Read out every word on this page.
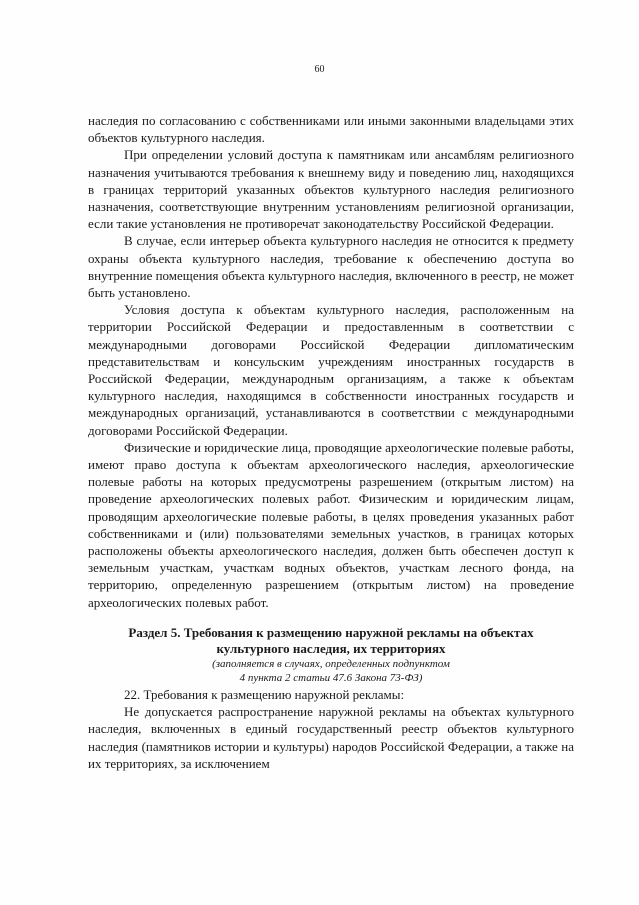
60

наследия по согласованию с собственниками или иными законными владельцами этих объектов культурного наследия.

При определении условий доступа к памятникам или ансамблям религиозного назначения учитываются требования к внешнему виду и поведению лиц, находящихся в границах территорий указанных объектов культурного наследия религиозного назначения, соответствующие внутренним установлениям религиозной организации, если такие установления не противоречат законодательству Российской Федерации.

В случае, если интерьер объекта культурного наследия не относится к предмету охраны объекта культурного наследия, требование к обеспечению доступа во внутренние помещения объекта культурного наследия, включенного в реестр, не может быть установлено.

Условия доступа к объектам культурного наследия, расположенным на территории Российской Федерации и предоставленным в соответствии с международными договорами Российской Федерации дипломатическим представительствам и консульским учреждениям иностранных государств в Российской Федерации, международным организациям, а также к объектам культурного наследия, находящимся в собственности иностранных государств и международных организаций, устанавливаются в соответствии с международными договорами Российской Федерации.

Физические и юридические лица, проводящие археологические полевые работы, имеют право доступа к объектам археологического наследия, археологические полевые работы на которых предусмотрены разрешением (открытым листом) на проведение археологических полевых работ. Физическим и юридическим лицам, проводящим археологические полевые работы, в целях проведения указанных работ собственниками и (или) пользователями земельных участков, в границах которых расположены объекты археологического наследия, должен быть обеспечен доступ к земельным участкам, участкам водных объектов, участкам лесного фонда, на территорию, определенную разрешением (открытым листом) на проведение археологических полевых работ.

Раздел 5. Требования к размещению наружной рекламы на объектах
культурного наследия, их территориях
(заполняется в случаях, определенных подпунктом
4 пункта 2 статьи 47.6 Закона 73-ФЗ)

22. Требования к размещению наружной рекламы:

Не допускается распространение наружной рекламы на объектах культурного наследия, включенных в единый государственный реестр объектов культурного наследия (памятников истории и культуры) народов Российской Федерации, а также на их территориях, за исключением
